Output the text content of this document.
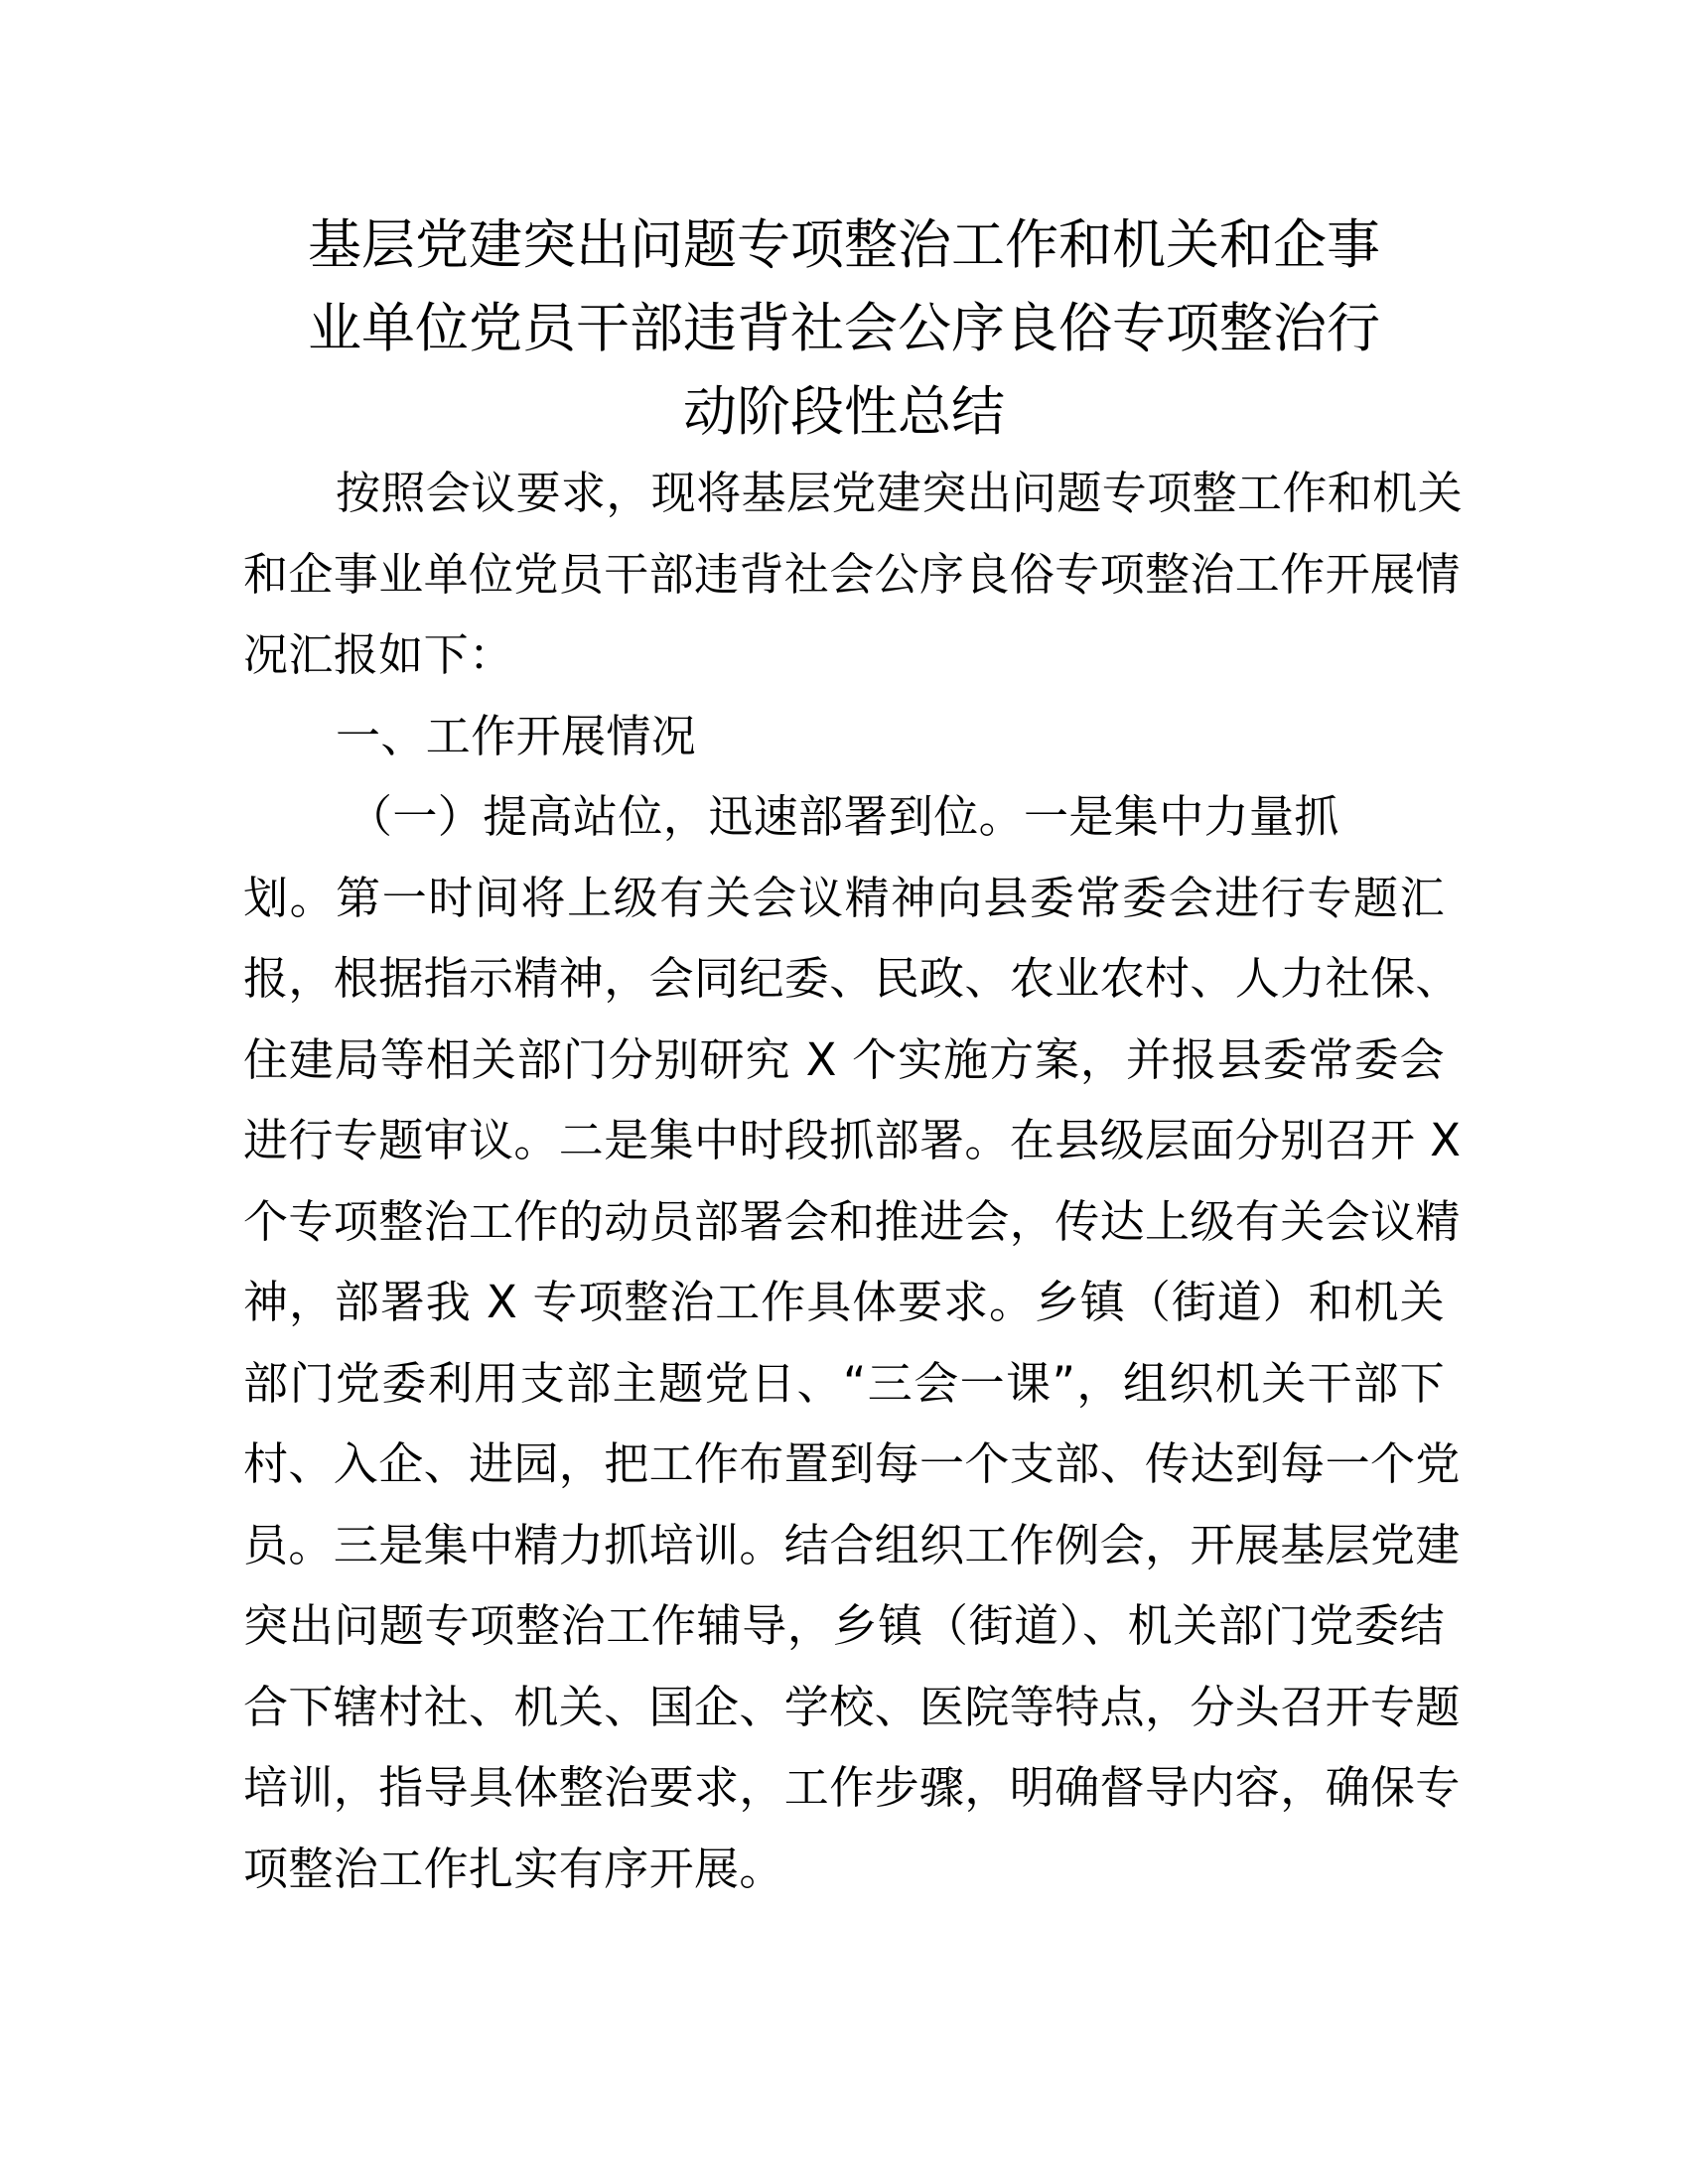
基层党建突出问题专项整治工作和机关和企事
业单位党员干部违背社会公序良俗专项整治行
动阶段性总结
按照会议要求，现将基层党建突出问题专项整工作和机关
和企事业单位党员干部违背社会公序良俗专项整治工作开展情
况汇报如下：
一、工作开展情况
（一）提高站位，迅速部署到位。一是集中力量抓
划。第一时间将上级有关会议精神向县委常委会进行专题汇
报，根据指示精神，会同纪委、民政、农业农村、人力社保、
住建局等相关部门分别研究 X 个实施方案，并报县委常委会
进行专题审议。二是集中时段抓部署。在县级层面分别召开 X
个专项整治工作的动员部署会和推进会，传达上级有关会议精
神，部署我 X 专项整治工作具体要求。乡镇（街道）和机关
部门党委利用支部主题党日、“三会一课”，组织机关干部下
村、入企、进园，把工作布置到每一个支部、传达到每一个党
员。三是集中精力抓培训。结合组织工作例会，开展基层党建
突出问题专项整治工作辅导，乡镇（街道）、机关部门党委结
合下辖村社、机关、国企、学校、医院等特点，分头召开专题
培训，指导具体整治要求，工作步骤，明确督导内容，确保专
项整治工作扎实有序开展。
